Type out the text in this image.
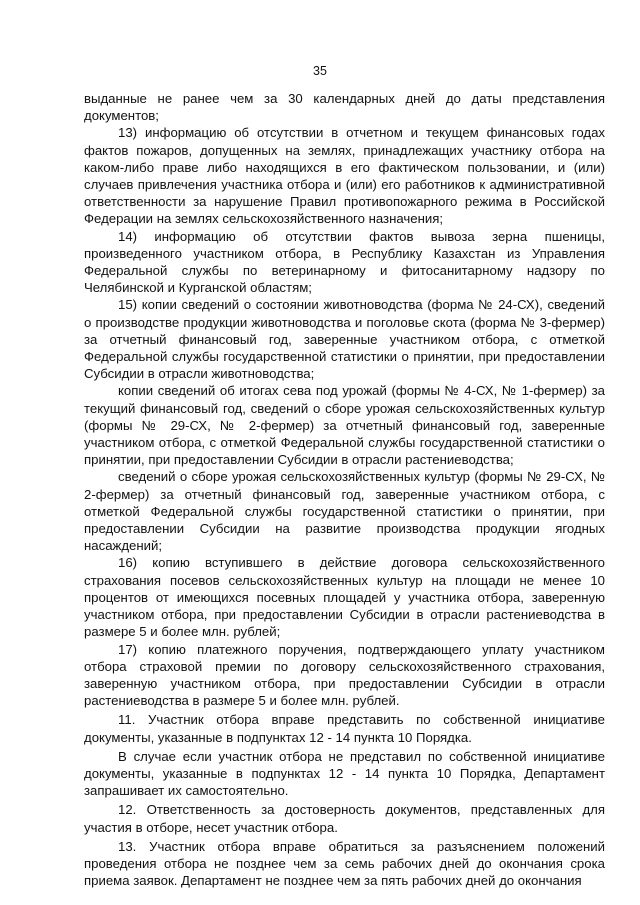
35

выданные не ранее чем за 30 календарных дней до даты представления документов;

13) информацию об отсутствии в отчетном и текущем финансовых годах фактов пожаров, допущенных на землях, принадлежащих участнику отбора на каком-либо праве либо находящихся в его фактическом пользовании, и (или) случаев привлечения участника отбора и (или) его работников к административной ответственности за нарушение Правил противопожарного режима в Российской Федерации на землях сельскохозяйственного назначения;

14) информацию об отсутствии фактов вывоза зерна пшеницы, произведенного участником отбора, в Республику Казахстан из Управления Федеральной службы по ветеринарному и фитосанитарному надзору по Челябинской и Курганской областям;

15) копии сведений о состоянии животноводства (форма № 24-СХ), сведений о производстве продукции животноводства и поголовье скота (форма № 3-фермер) за отчетный финансовый год, заверенные участником отбора, с отметкой Федеральной службы государственной статистики о принятии, при предоставлении Субсидии в отрасли животноводства;

копии сведений об итогах сева под урожай (формы № 4-СХ, № 1-фермер) за текущий финансовый год, сведений о сборе урожая сельскохозяйственных культур (формы № 29-СХ, № 2-фермер) за отчетный финансовый год, заверенные участником отбора, с отметкой Федеральной службы государственной статистики о принятии, при предоставлении Субсидии в отрасли растениеводства;

сведений о сборе урожая сельскохозяйственных культур (формы № 29-СХ, № 2-фермер) за отчетный финансовый год, заверенные участником отбора, с отметкой Федеральной службы государственной статистики о принятии, при предоставлении Субсидии на развитие производства продукции ягодных насаждений;

16) копию вступившего в действие договора сельскохозяйственного страхования посевов сельскохозяйственных культур на площади не менее 10 процентов от имеющихся посевных площадей у участника отбора, заверенную участником отбора, при предоставлении Субсидии в отрасли растениеводства в размере 5 и более млн. рублей;

17) копию платежного поручения, подтверждающего уплату участником отбора страховой премии по договору сельскохозяйственного страхования, заверенную участником отбора, при предоставлении Субсидии в отрасли растениеводства в размере 5 и более млн. рублей.

11. Участник отбора вправе представить по собственной инициативе документы, указанные в подпунктах 12 - 14 пункта 10 Порядка.

В случае если участник отбора не представил по собственной инициативе документы, указанные в подпунктах 12 - 14 пункта 10 Порядка, Департамент запрашивает их самостоятельно.

12. Ответственность за достоверность документов, представленных для участия в отборе, несет участник отбора.

13. Участник отбора вправе обратиться за разъяснением положений проведения отбора не позднее чем за семь рабочих дней до окончания срока приема заявок. Департамент не позднее чем за пять рабочих дней до окончания
